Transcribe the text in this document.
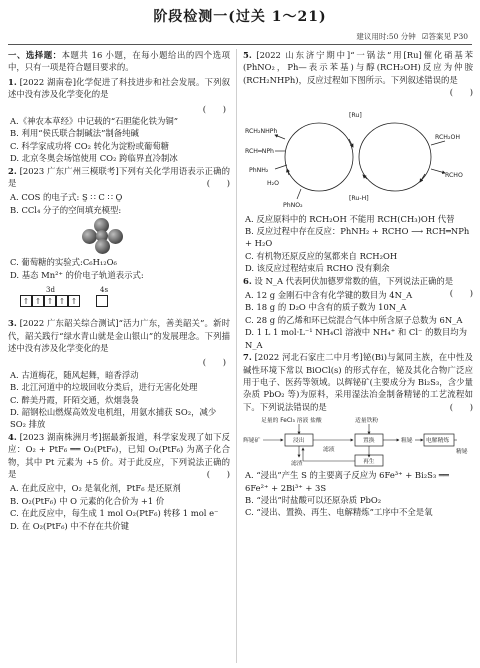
阶段检测一(过关 1～21)
建议用时:50 分钟 ☑答案见 P30

一、选择题：本题共 16 小题，在每小题给出的四个选项中，只有一项是符合题目要求的。

1. [2022 湖南卷]化学促进了科技进步和社会发展。下列叙述中没有涉及化学变化的是

(　　)

A.《神农本草经》中记载的“石胆能化铁为铜”

B. 利用“侯氏联合制碱法”制备纯碱

C. 科学家成功将 CO₂ 转化为淀粉或葡萄糖

D. 北京冬奥会场馆使用 CO₂ 跨临界直冷制冰

2. [2023 广东广州三模联考]下列有关化学用语表示正确的是	(　　)

A. COS 的电子式: S̤ ∷ C ∷ O̤

B. CCl₄ 分子的空间填充模型:

C. 葡萄糖的实验式:C₆H₁₂O₆

D. 基态 Mn²⁺ 的价电子轨道表示式:

3d	4s
↑ ↑ ↑ ↑ ↑

3. [2022 广东韶关综合测试]“活力广东，善美韶关”。新时代，韶关践行“绿水青山就是金山银山”的发展理念。下列描述中没有涉及化学变化的是

(　　)

A. 古道梅花，随风起舞，暗香浮动

B. 北江河道中的垃圾回收分类后，进行无害化处理

C. 醉美丹霞，阡陌交通，炊烟袅袅

D. 韶钢松山燃煤高效发电机组，用氨水捕获 SO₂，减少 SO₂ 排放

4. [2023 湖南株洲月考]据最新报道，科学家发现了如下反应：O₂ + PtF₆ ══ O₂(PtF₆)，已知 O₂(PtF₆) 为离子化合物，其中 Pt 元素为 +5 价。对于此反应，下列说法正确的是	(　　)

A. 在此反应中，O₂ 是氧化剂，PtF₆ 是还原剂

B. O₂(PtF₆) 中 O 元素的化合价为 +1 价

C. 在此反应中，每生成 1 mol O₂(PtF₆) 转移 1 mol e⁻

D. 在 O₂(PtF₆) 中不存在共价键

5. [2022 山东济宁期中]“一锅法”用[Ru]催化硝基苯(PhNO₂，Ph—表示苯基)与醇(RCH₂OH)反应为仲胺(RCH₂NHPh)，反应过程如下图所示。下列叙述错误的是
(　　)

[Ru]
[Ru-H]
RCH₂NHPh
RCH═NPh
PhNH₂
PhNO₂
RCH₂OH
H₂O
RCHO

A. 反应原料中的 RCH₂OH 不能用 RCH(CH₃)OH 代替

B. 反应过程中存在反应：PhNH₂ + RCHO ⟶ RCH═NPh + H₂O

C. 有机物还原反应的氢都来自 RCH₂OH

D. 该反应过程结束后 RCHO 没有剩余

6. 设 N_A 代表阿伏加德罗常数的值，下列说法正确的是
(　　)

A. 12 g 金刚石中含有化学键的数目为 4N_A

B. 18 g 的 D₂O 中含有的质子数为 10N_A

C. 28 g 的乙烯和环已烷混合气体中所含原子总数为 6N_A

D. 1 L 1 mol·L⁻¹ NH₄Cl 溶液中 NH₄⁺ 和 Cl⁻ 的数目均为 N_A

7. [2022 河北石家庄二中月考]铋(Bi)与氮同主族，在中性及碱性环境下常以 BiOCl(s) 的形式存在，铋及其化合物广泛应用于电子、医药等领域。以辉铋矿(主要成分为 Bi₂S₃，含少量杂质 PbO₂ 等)为原料，采用湿法冶金制备精铋的工艺流程如下。下列说法错误的是	(　　)

足量的 FeCl₃ 溶液 盐酸	适量铁粉
辉铋矿	浸出
滤液
滤渣
置换	粗铋 电解精炼
精铋
再生

A. “浸出”产生 S 的主要离子反应为 6Fe³⁺ + Bi₂S₃ ══ 6Fe²⁺ + 2Bi³⁺ + 3S

B. “浸出”时盐酸可以还原杂质 PbO₂

C. “浸出、置换、再生、电解精炼”工序中不全是氧
